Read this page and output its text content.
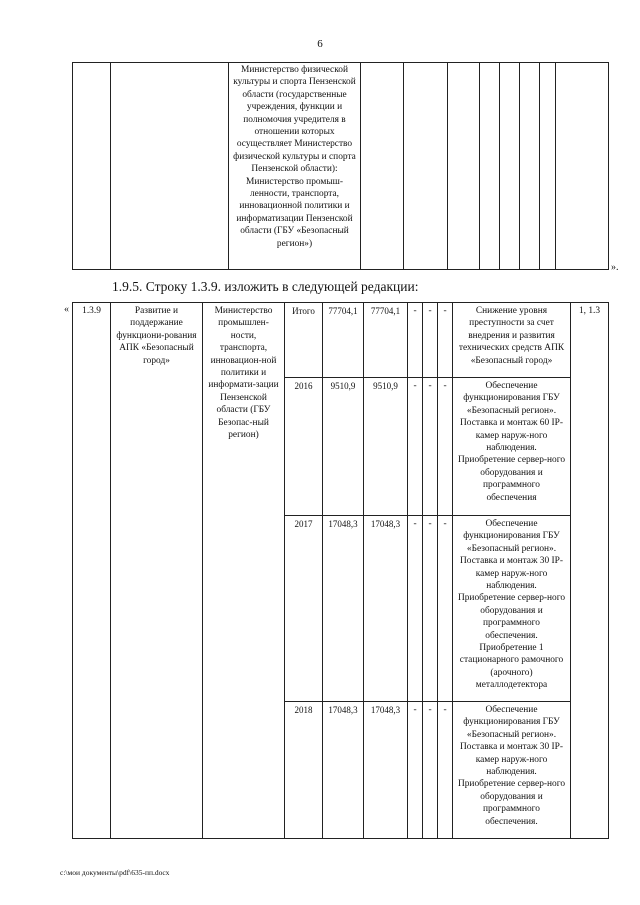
6
		Министерство физической культуры и спорта Пензенской области (государственные учреждения, функции и полномочия учредителя в отношении которых осуществляет Министерство физической культуры и спорта Пензенской области): Министерство промыш-ленности, транспорта, инновационной политики и информатизации Пензенской области (ГБУ «Безопасный регион»)								
».
1.9.5. Строку 1.3.9. изложить в следующей редакции:
« 1.3.9	Развитие и поддержание функциони-рования АПК «Безопасный город»	Министерство промышлен-ности, транспорта, инновацион-ной политики и информати-зации Пензенской области (ГБУ Безопас-ный регион)	Итого	77704,1	77704,1	-	-	-	Снижение уровня преступности за счет внедрения и развития технических средств АПК «Безопасный город»	1, 1.3
			2016	9510,9	9510,9	-	-	-	Обеспечение функционирования ГБУ «Безопасный регион». Поставка и монтаж 60 IP-камер наруж-ного наблюдения. Приобретение сервер-ного оборудования и программного обеспечения	
			2017	17048,3	17048,3	-	-	-	Обеспечение функционирования ГБУ «Безопасный регион». Поставка и монтаж 30 IP-камер наруж-ного наблюдения. Приобретение сервер-ного оборудования и программного обеспечения. Приобретение 1 стационарного рамочного (арочного) металлодетектора	
			2018	17048,3	17048,3	-	-	-	Обеспечение функционирования ГБУ «Безопасный регион». Поставка и монтаж 30 IP-камер наруж-ного наблюдения. Приобретение сервер-ного оборудования и программного обеспечения.	
c:\мои документы\pdf\635-пп.docx
